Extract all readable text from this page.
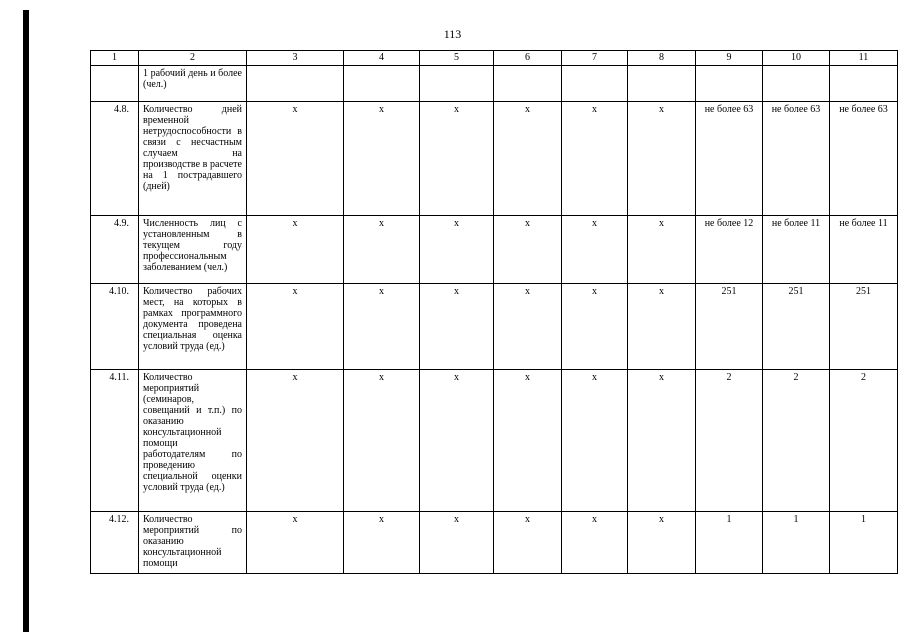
113
1	2	3	4	5	6	7	8	9	10	11
	1 рабочий день и более (чел.)									
4.8.	Количество дней временной нетрудоспособности в связи с несчастным случаем на производстве в расчете на 1 пострадавшего (дней)	х	х	х	х	х	х	не более 63	не более 63	не более 63
4.9.	Численность лиц с установленным в текущем году профессиональным заболеванием (чел.)	х	х	х	х	х	х	не более 12	не более 11	не более 11
4.10.	Количество рабочих мест, на которых в рамках программного документа проведена специальная оценка условий труда (ед.)	х	х	х	х	х	х	251	251	251
4.11.	Количество мероприятий (семинаров, совещаний и т.п.) по оказанию консультационной помощи работодателям по проведению специальной оценки условий труда (ед.)	х	х	х	х	х	х	2	2	2
4.12.	Количество мероприятий по оказанию консультационной помощи	х	х	х	х	х	х	1	1	1
